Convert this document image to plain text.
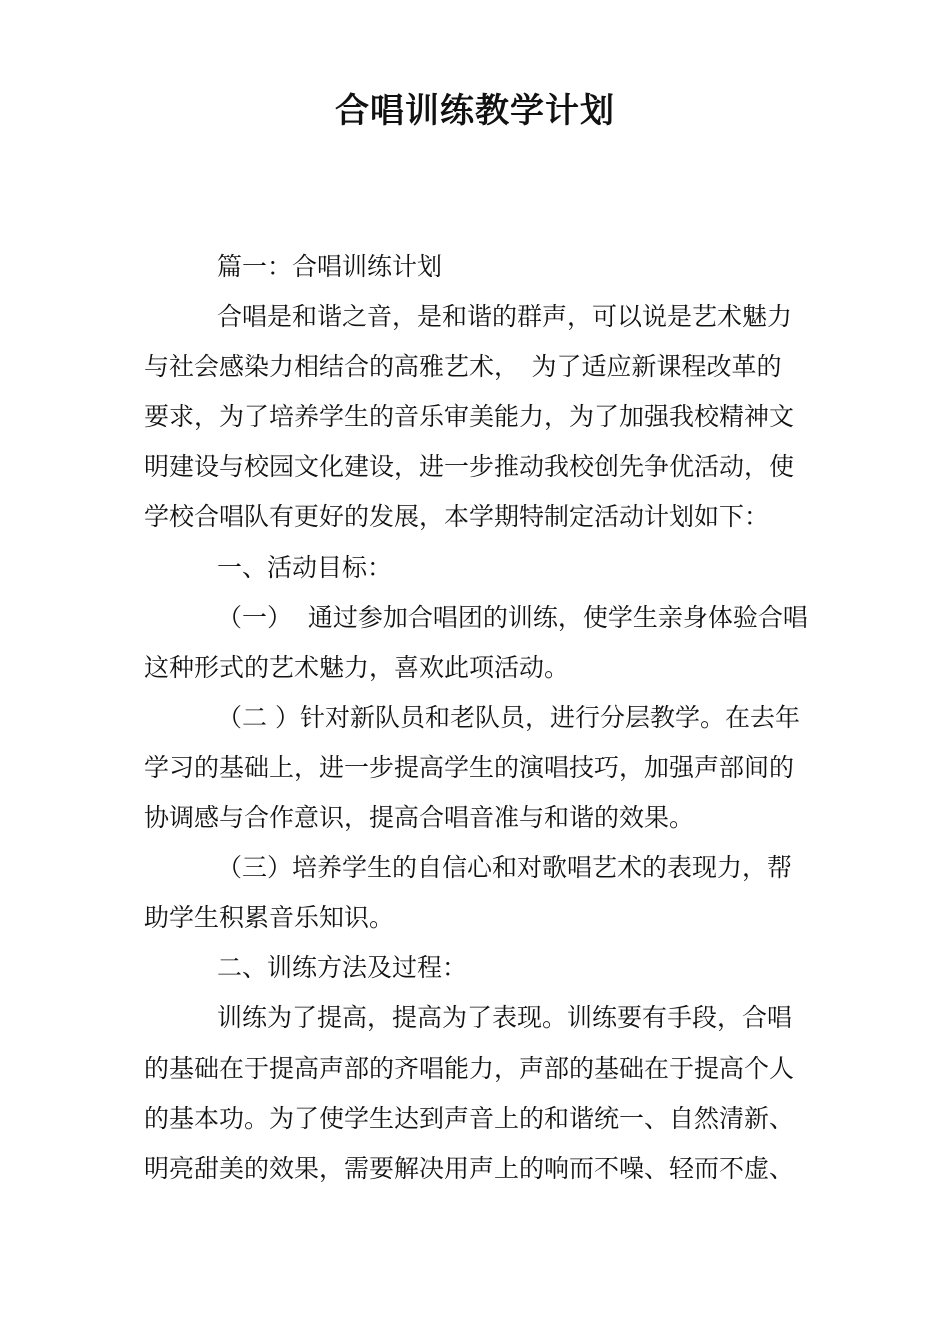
合唱训练教学计划
篇一：合唱训练计划
合唱是和谐之音，是和谐的群声，可以说是艺术魅力
与社会感染力相结合的高雅艺术，　为了适应新课程改革的
要求，为了培养学生的音乐审美能力，为了加强我校精神文
明建设与校园文化建设，进一步推动我校创先争优活动，使
学校合唱队有更好的发展，本学期特制定活动计划如下：
一、活动目标：
（一）  通过参加合唱团的训练，使学生亲身体验合唱
这种形式的艺术魅力，喜欢此项活动。
（二 ）针对新队员和老队员，进行分层教学。在去年
学习的基础上，进一步提高学生的演唱技巧，加强声部间的
协调感与合作意识，提高合唱音准与和谐的效果。
（三）培养学生的自信心和对歌唱艺术的表现力，帮
助学生积累音乐知识。
二、训练方法及过程：
训练为了提高，提高为了表现。训练要有手段，合唱
的基础在于提高声部的齐唱能力，声部的基础在于提高个人
的基本功。为了使学生达到声音上的和谐统一、自然清新、
明亮甜美的效果，需要解决用声上的响而不噪、轻而不虚、
